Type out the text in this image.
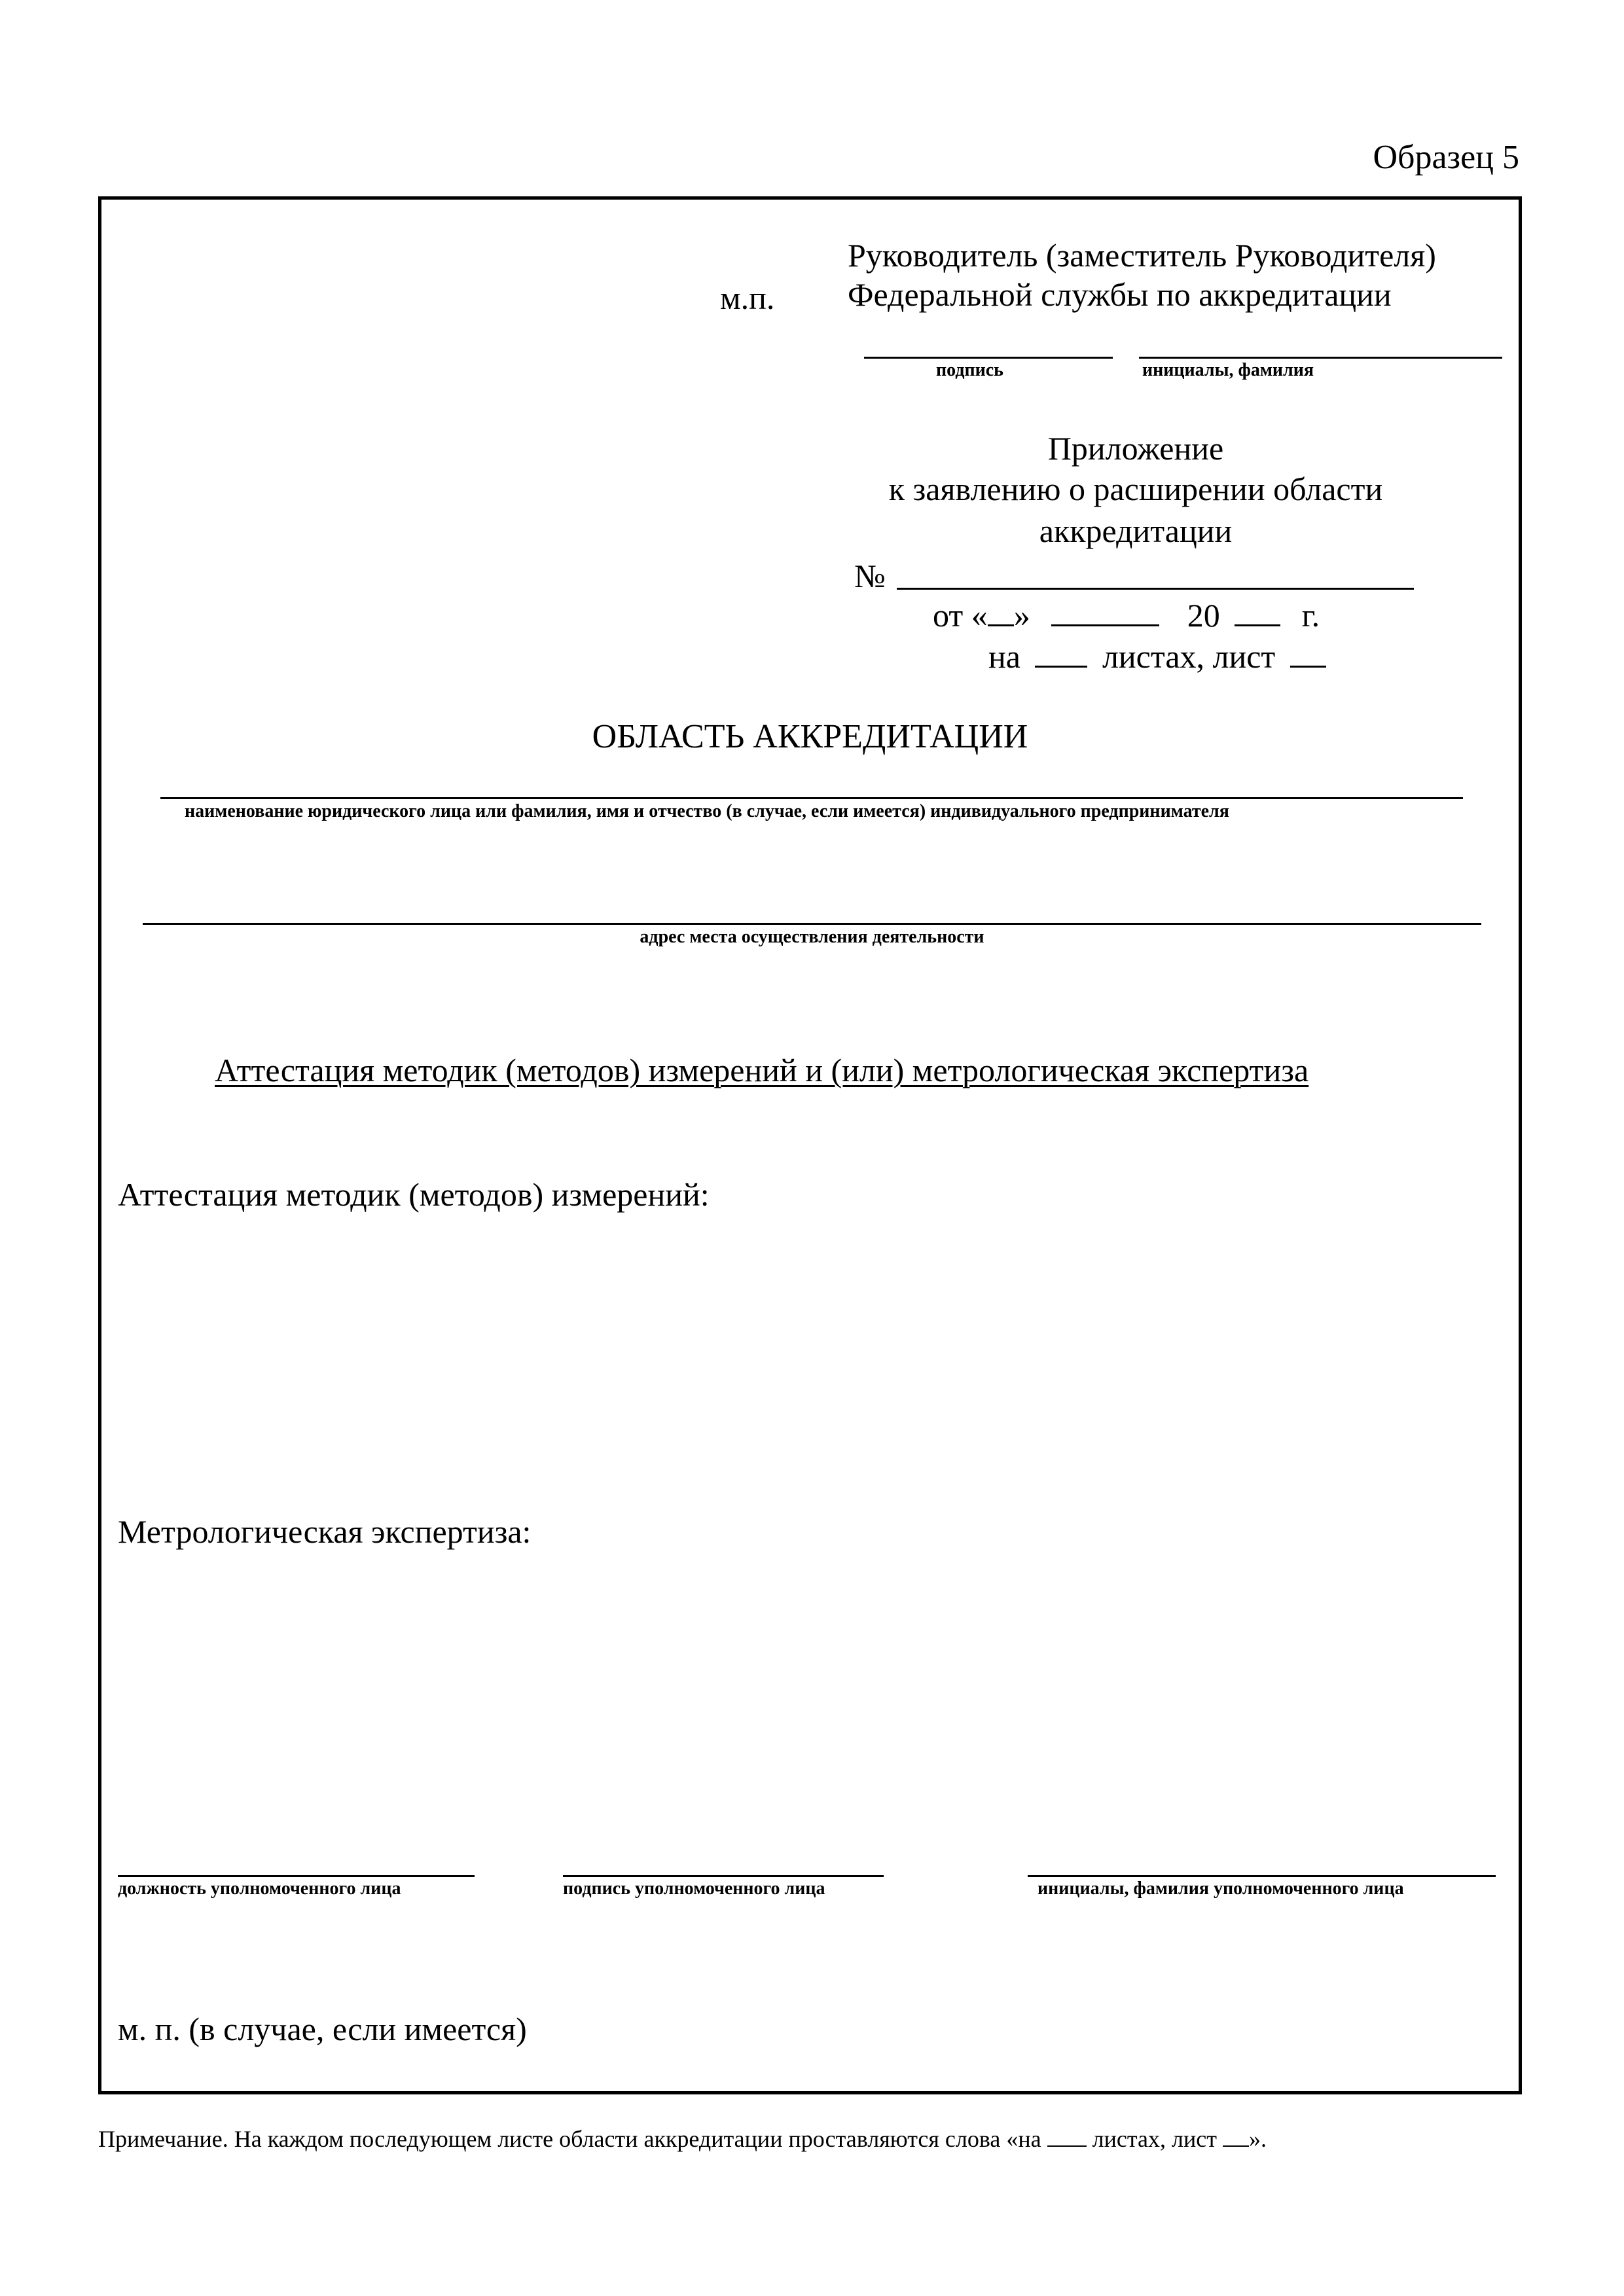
Образец 5
Руководитель (заместитель Руководителя)
м.п. Федеральной службы по аккредитации
подпись	инициалы, фамилия
Приложение
к заявлению о расширении области
аккредитации
№
от « »	20	г.
на	листах, лист
ОБЛАСТЬ АККРЕДИТАЦИИ
наименование юридического лица или фамилия, имя и отчество (в случае, если имеется) индивидуального предпринимателя
адрес места осуществления деятельности
Аттестация методик (методов) измерений и (или) метрологическая экспертиза
Аттестация методик (методов) измерений:
Метрологическая экспертиза:
должность уполномоченного лица	подпись уполномоченного лица	инициалы, фамилия уполномоченного лица
м. п. (в случае, если имеется)
Примечание. На каждом последующем листе области аккредитации проставляются слова «на листах, лист ».
